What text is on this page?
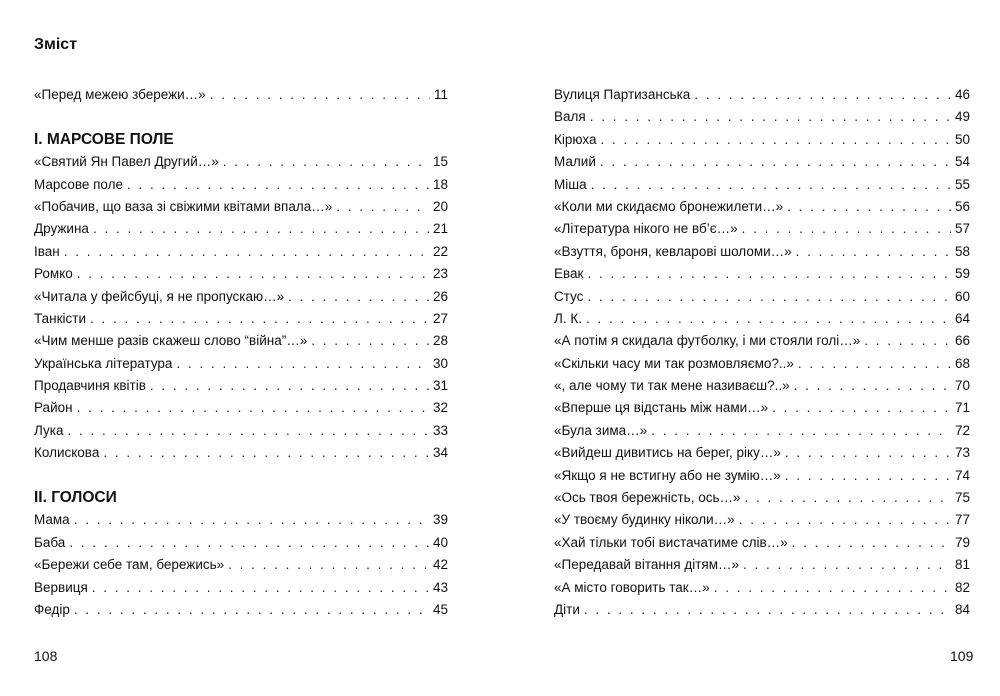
Зміст
«Перед межею збережи…» . . .	11
I. МАРСОВЕ ПОЛЕ
«Святий Ян Павел Другий…» . . .	15
Марсове поле . . .	18
«Побачив, що ваза зі свіжими квітами впала…» . . .	20
Дружина . . .	21
Іван . . .	22
Ромко . . .	23
«Читала у фейсбуці, я не пропускаю…» . . .	26
Танкісти . . .	27
«Чим менше разів скажеш слово “війна”…» . . .	28
Українська література . . .	30
Продавчиня квітів . . .	31
Район . . .	32
Лука . . .	33
Колискова . . .	34
II. ГОЛОСИ
Мама . . .	39
Баба . . .	40
«Бережи себе там, бережись» . . .	42
Вервиця . . .	43
Федір . . .	45
108
Вулиця Партизанська . . .	46
Валя . . .	49
Кірюха . . .	50
Малий . . .	54
Міша . . .	55
«Коли ми скидаємо бронежилети…» . . .	56
«Література нікого не вб’є…» . . .	57
«Взуття, броня, кевларові шоломи…» . . .	58
Евак . . .	59
Стус . . .	60
Л. К. . . .	64
«А потім я скидала футболку, і ми стояли голі…» . . .	66
«Скільки часу ми так розмовляємо?..» . . .	68
«, але чому ти так мене називаєш?..» . . .	70
«Вперше ця відстань між нами…» . . .	71
«Була зима…» . . .	72
«Вийдеш дивитись на берег, ріку…» . . .	73
«Якщо я не встигну або не зумію…» . . .	74
«Ось твоя бережність, ось…» . . .	75
«У твоєму будинку ніколи…» . . .	77
«Хай тільки тобі вистачатиме слів…» . . .	79
«Передавай вітання дітям…» . . .	81
«А місто говорить так…» . . .	82
Діти . . .	84
109
